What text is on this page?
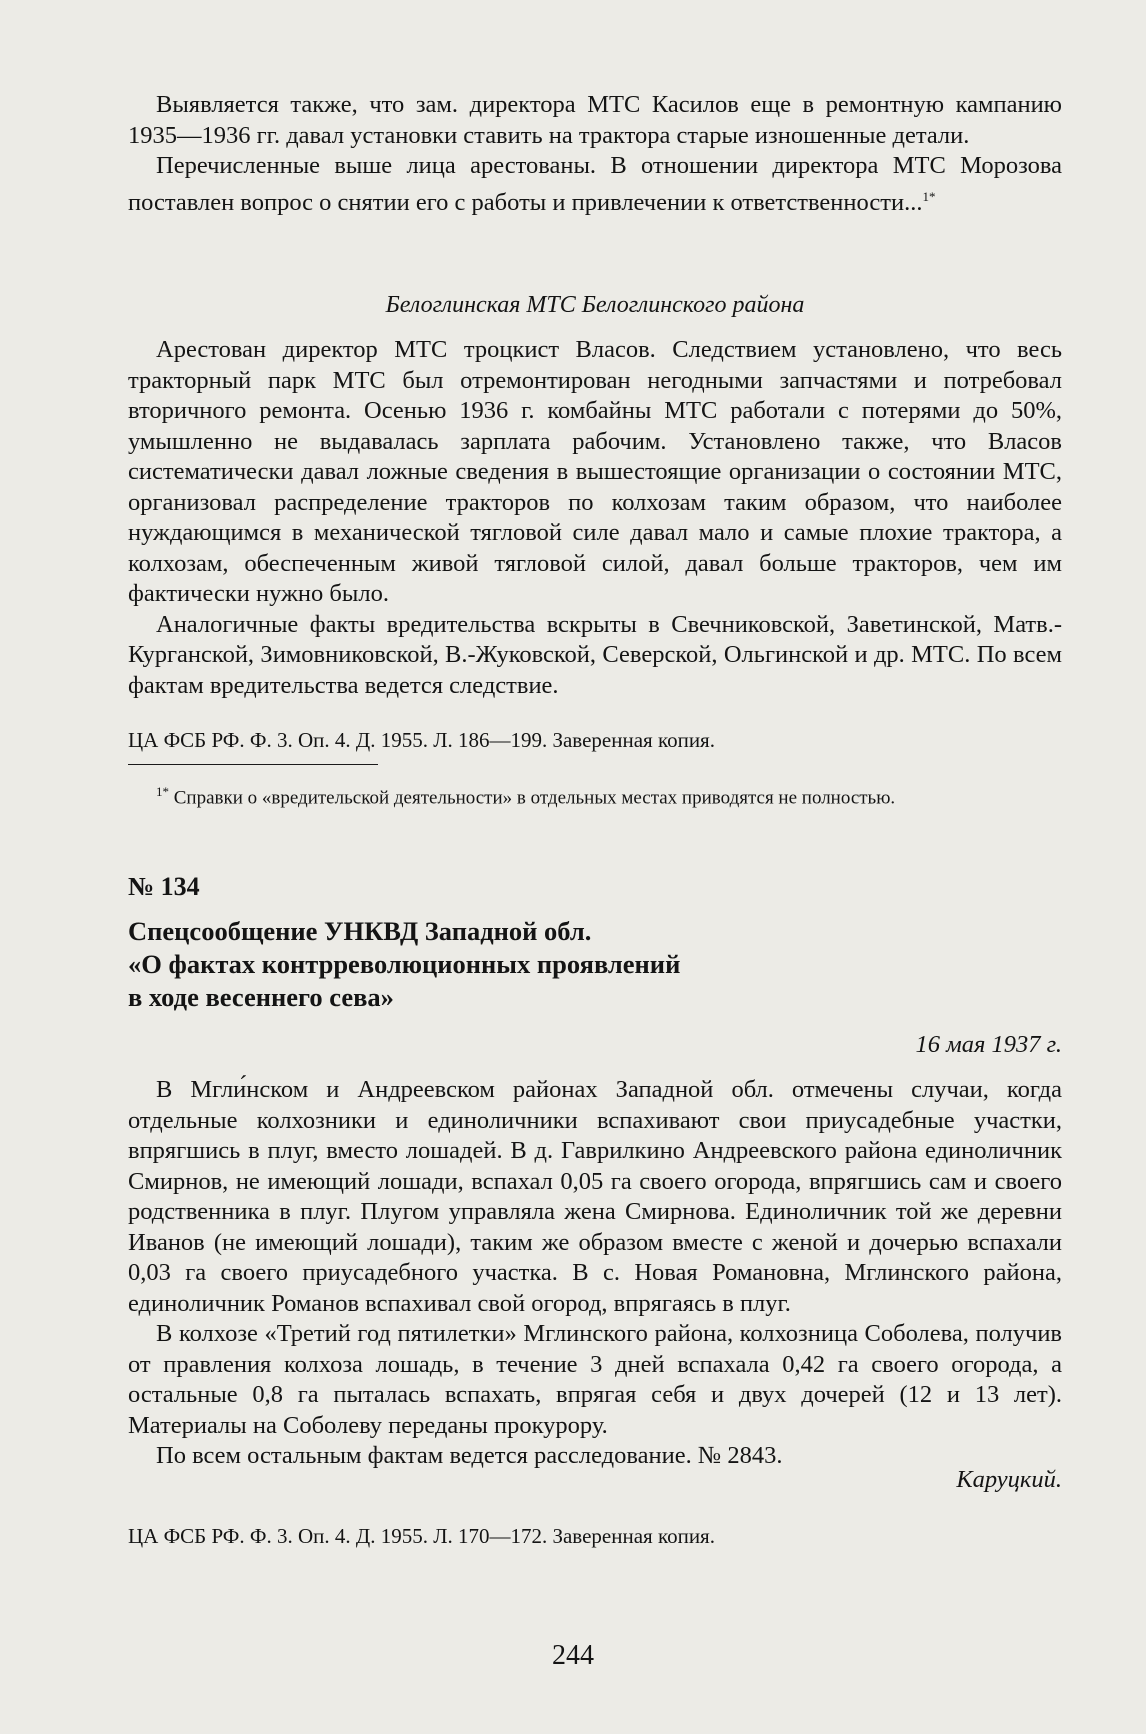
Выявляется также, что зам. директора МТС Касилов еще в ремонтную кампанию 1935—1936 гг. давал установки ставить на трактора старые изношенные детали.

Перечисленные выше лица арестованы. В отношении директора МТС Морозова поставлен вопрос о снятии его с работы и привлечении к ответственности...$^{1*}$

Белоглинская МТС Белоглинского района

Арестован директор МТС троцкист Власов. Следствием установлено, что весь тракторный парк МТС был отремонтирован негодными запчастями и потребовал вторичного ремонта. Осенью 1936 г. комбайны МТС работали с потерями до 50%, умышленно не выдавалась зарплата рабочим. Установлено также, что Власов систематически давал ложные сведения в вышестоящие организации о состоянии МТС, организовал распределение тракторов по колхозам таким образом, что наиболее нуждающимся в механической тягловой силе давал мало и самые плохие трактора, а колхозам, обеспеченным живой тягловой силой, давал больше тракторов, чем им фактически нужно было.

Аналогичные факты вредительства вскрыты в Свечниковской, Заветинской, Матв.-Курганской, Зимовниковской, В.-Жуковской, Северской, Ольгинской и др. МТС. По всем фактам вредительства ведется следствие.

ЦА ФСБ РФ. Ф. 3. Оп. 4. Д. 1955. Л. 186—199. Заверенная копия.

$^{1*}$ Справки о «вредительской деятельности» в отдельных местах приводятся не полностью.

№ 134

Спецсообщение УНКВД Западной обл.

«О фактах контрреволюционных проявлений

в ходе весеннего сева»

16 мая 1937 г.

В Мгли́нском и Андреевском районах Западной обл. отмечены случаи, когда отдельные колхозники и единоличники вспахивают свои приусадебные участки, впрягшись в плуг, вместо лошадей. В д. Гаврилкино Андреевского района единоличник Смирнов, не имеющий лошади, вспахал 0,05 га своего огорода, впрягшись сам и своего родственника в плуг. Плугом управляла жена Смирнова. Единоличник той же деревни Иванов (не имеющий лошади), таким же образом вместе с женой и дочерью вспахали 0,03 га своего приусадебного участка. В с. Новая Романовна, Мглинского района, единоличник Романов вспахивал свой огород, впрягаясь в плуг.

В колхозе «Третий год пятилетки» Мглинского района, колхозница Соболева, получив от правления колхоза лошадь, в течение 3 дней вспахала 0,42 га своего огорода, а остальные 0,8 га пыталась вспахать, впрягая себя и двух дочерей (12 и 13 лет). Материалы на Соболеву переданы прокурору.

По всем остальным фактам ведется расследование. № 2843.

Каруцкий.

ЦА ФСБ РФ. Ф. 3. Оп. 4. Д. 1955. Л. 170—172. Заверенная копия.

244
